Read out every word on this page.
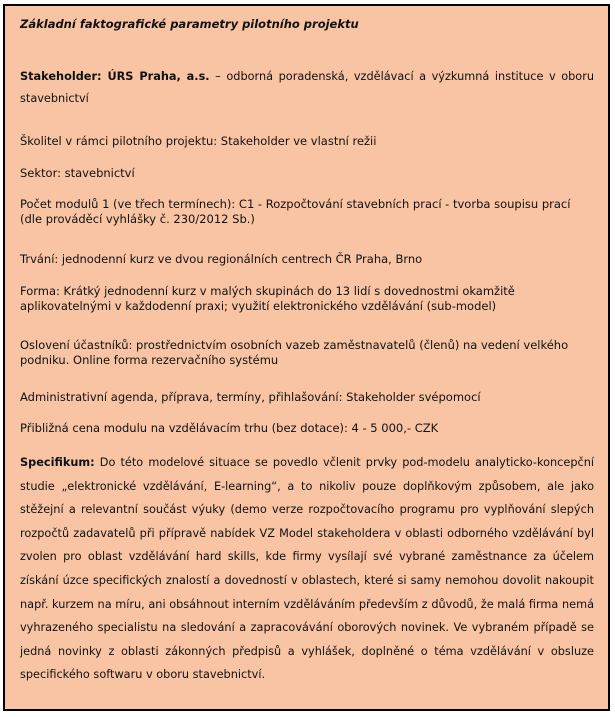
Základní faktografické parametry pilotního projektu

Stakeholder: ÚRS Praha, a.s. – odborná poradenská, vzdělávací a výzkumná instituce v oboru stavebnictví

Školitel v rámci pilotního projektu: Stakeholder ve vlastní režii

Sektor: stavebnictví

Počet modulů 1 (ve třech termínech): C1 - Rozpočtování stavebních prací - tvorba soupisu prací (dle prováděcí vyhlášky č. 230/2012 Sb.)

Trvání: jednodenní kurz ve dvou regionálních centrech ČR Praha, Brno

Forma: Krátký jednodenní kurz v malých skupinách do 13 lidí s dovednostmi okamžitě aplikovatelnými v každodenní praxi; využití elektronického vzdělávání (sub-model)

Oslovení účastníků: prostřednictvím osobních vazeb zaměstnavatelů (členů) na vedení velkého podniku. Online forma rezervačního systému

Administrativní agenda, příprava, termíny, přihlašování: Stakeholder svépomocí

Přibližná cena modulu na vzdělávacím trhu (bez dotace): 4 - 5 000,- CZK

Specifikum: Do této modelové situace se povedlo včlenit prvky pod-modelu analyticko-koncepční studie „elektronické vzdělávání, E-learning“, a to nikoliv pouze doplňkovým způsobem, ale jako stěžejní a relevantní součást výuky (demo verze rozpočtovacího programu pro vyplňování slepých rozpočtů zadavatelů při přípravě nabídek VZ Model stakeholdera v oblasti odborného vzdělávání byl zvolen pro oblast vzdělávání hard skills, kde firmy vysílají své vybrané zaměstnance za účelem získání úzce specifických znalostí a dovedností v oblastech, které si samy nemohou dovolit nakoupit např. kurzem na míru, ani obsáhnout interním vzděláváním především z důvodů, že malá firma nemá vyhrazeného specialistu na sledování a zapracovávání oborových novinek. Ve vybraném případě se jedná novinky z oblasti zákonných předpisů a vyhlášek, doplněné o téma vzdělávání v obsluze specifického softwaru v oboru stavebnictví.
